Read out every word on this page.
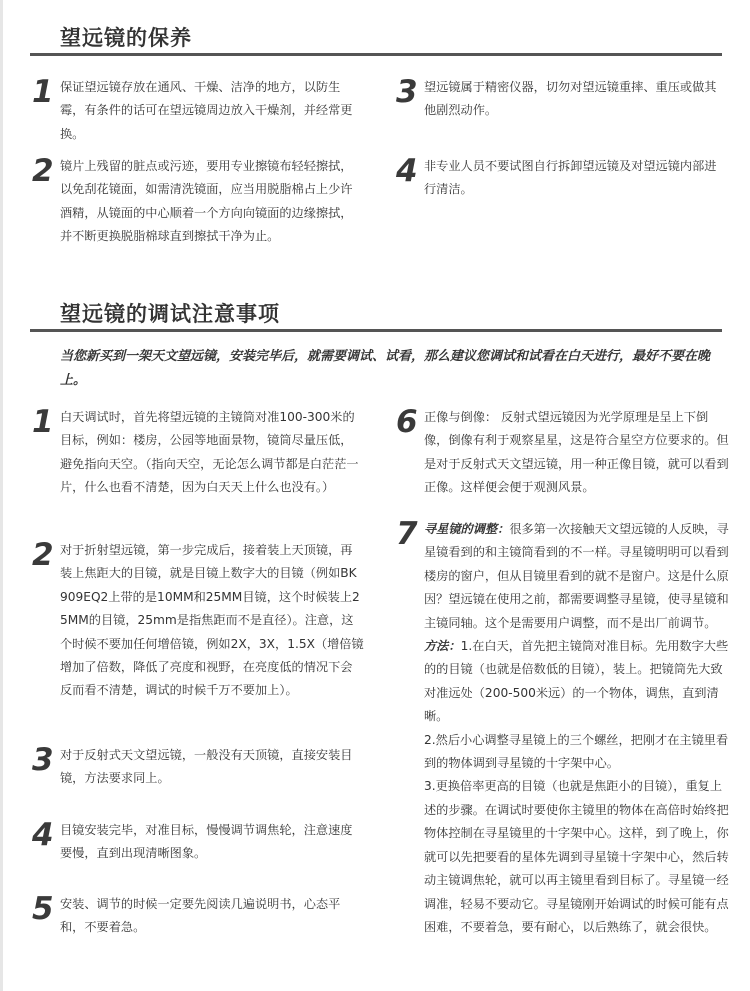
望远镜的保养
1 保证望远镜存放在通风、干燥、洁净的地方，以防生霉，有条件的话可在望远镜周边放入干燥剂，并经常更换。

2 镜片上残留的脏点或污迹，要用专业擦镜布轻轻擦拭，以免刮花镜面，如需清洗镜面，应当用脱脂棉占上少许酒精，从镜面的中心顺着一个方向向镜面的边缘擦拭，并不断更换脱脂棉球直到擦拭干净为止。

3 望远镜属于精密仪器，切勿对望远镜重摔、重压或做其他剧烈动作。

4 非专业人员不要试图自行拆卸望远镜及对望远镜内部进行清洁。

望远镜的调试注意事项

当您新买到一架天文望远镜，安装完毕后，就需要调试、试看，那么建议您调试和试看在白天进行，最好不要在晚上。

1 白天调试时，首先将望远镜的主镜筒对准100-300米的目标，例如：楼房，公园等地面景物，镜筒尽量压低，避免指向天空。（指向天空，无论怎么调节都是白茫茫一片，什么也看不清楚，因为白天天上什么也没有。）

2 对于折射望远镜，第一步完成后，接着装上天顶镜，再装上焦距大的目镜，就是目镜上数字大的目镜（例如BK909EQ2上带的是10MM和25MM目镜，这个时候装上25MM的目镜，25mm是指焦距而不是直径）。注意，这个时候不要加任何增倍镜，例如2X，3X，1.5X（增倍镜 增加了倍数，降低了亮度和视野，在亮度低的情况下会反而看不清楚，调试的时候千万不要加上）。

3 对于反射式天文望远镜，一般没有天顶镜，直接安装目镜，方法要求同上。

4 目镜安装完毕，对准目标，慢慢调节调焦轮，注意速度要慢，直到出现清晰图象。

5 安装、调节的时候一定要先阅读几遍说明书，心态平和，不要着急。

6 正像与倒像： 反射式望远镜因为光学原理是呈上下倒像，倒像有利于观察星星，这是符合星空方位要求的。但是对于反射式天文望远镜，用一种正像目镜，就可以看到正像。这样便会便于观测风景。

7 寻星镜的调整：很多第一次接触天文望远镜的人反映，寻星镜看到的和主镜筒看到的不一样。寻星镜明明可以看到楼房的窗户，但从目镜里看到的就不是窗户。这是什么原因？望远镜在使用之前，都需要调整寻星镜，使寻星镜和主镜同轴。这个是需要用户调整，而不是出厂前调节。
方法：1.在白天，首先把主镜筒对准目标。先用数字大些的的目镜（也就是倍数低的目镜），装上。把镜筒先大致对准远处（200-500米远）的一个物体，调焦，直到清晰。
2.然后小心调整寻星镜上的三个螺丝，把刚才在主镜里看到的物体调到寻星镜的十字架中心。
3.更换倍率更高的目镜（也就是焦距小的目镜），重复上述的步骤。在调试时要使你主镜里的物体在高倍时始终把物体控制在寻星镜里的十字架中心。这样，到了晚上，你就可以先把要看的星体先调到寻星镜十字架中心，然后转动主镜调焦轮，就可以再主镜里看到目标了。寻星镜一经调准，轻易不要动它。寻星镜刚开始调试的时候可能有点困难，不要着急，要有耐心，以后熟练了，就会很快。
